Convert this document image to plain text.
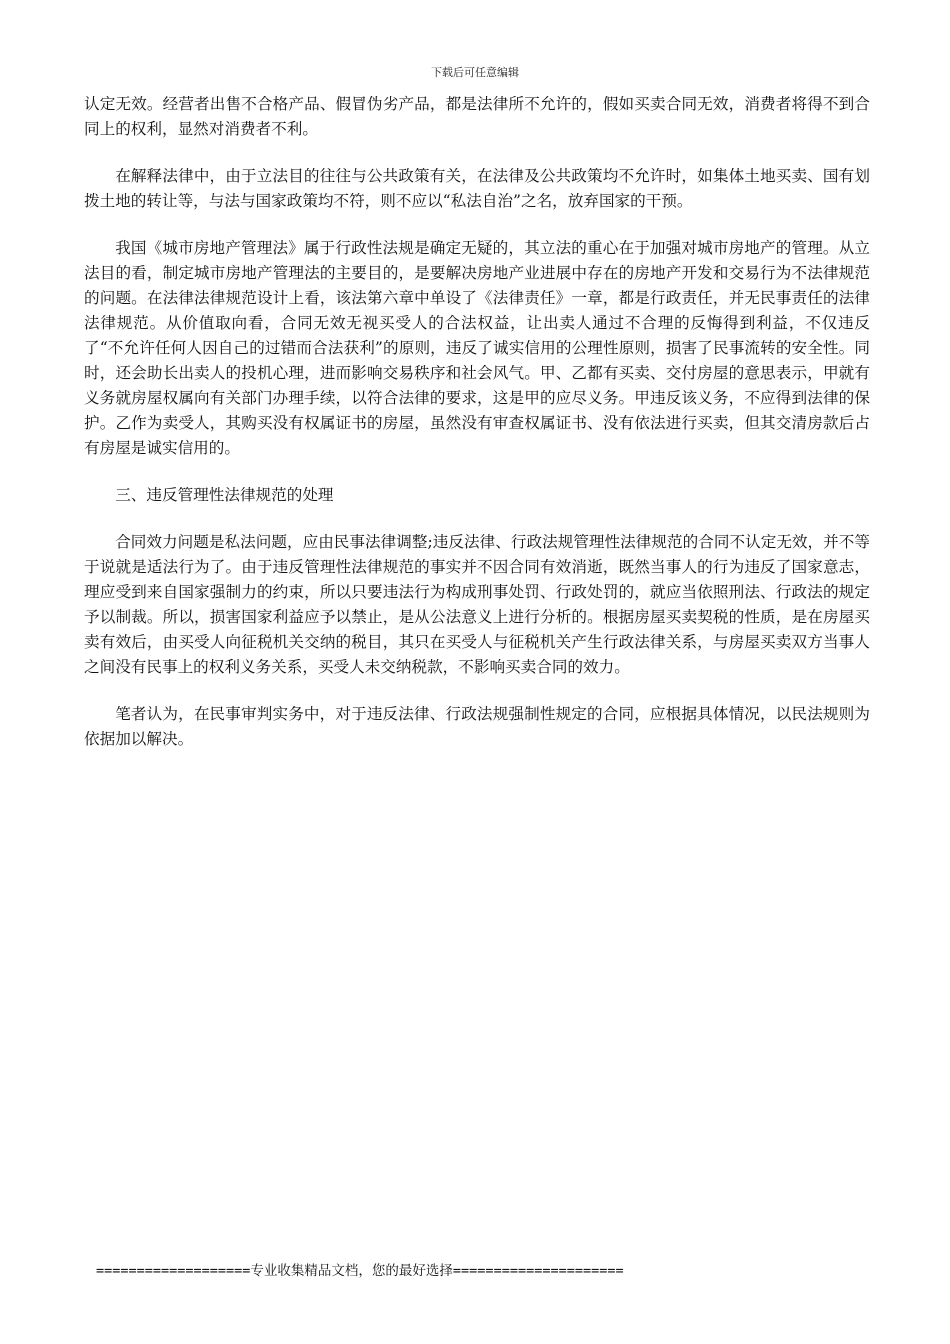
下载后可任意编辑

认定无效。经营者出售不合格产品、假冒伪劣产品，都是法律所不允许的，假如买卖合同无效，消费者将得不到合同上的权利，显然对消费者不利。

在解释法律中，由于立法目的往往与公共政策有关，在法律及公共政策均不允许时，如集体土地买卖、国有划拨土地的转让等，与法与国家政策均不符，则不应以“私法自治”之名，放弃国家的干预。

我国《城市房地产管理法》属于行政性法规是确定无疑的，其立法的重心在于加强对城市房地产的管理。从立法目的看，制定城市房地产管理法的主要目的，是要解决房地产业进展中存在的房地产开发和交易行为不法律规范的问题。在法律法律规范设计上看，该法第六章中单设了《法律责任》一章，都是行政责任，并无民事责任的法律法律规范。从价值取向看，合同无效无视买受人的合法权益，让出卖人通过不合理的反悔得到利益，不仅违反了“不允许任何人因自己的过错而合法获利”的原则，违反了诚实信用的公理性原则，损害了民事流转的安全性。同时，还会助长出卖人的投机心理，进而影响交易秩序和社会风气。甲、乙都有买卖、交付房屋的意思表示，甲就有义务就房屋权属向有关部门办理手续，以符合法律的要求，这是甲的应尽义务。甲违反该义务，不应得到法律的保护。乙作为卖受人，其购买没有权属证书的房屋，虽然没有审查权属证书、没有依法进行买卖，但其交清房款后占有房屋是诚实信用的。

三、违反管理性法律规范的处理

合同效力问题是私法问题，应由民事法律调整;违反法律、行政法规管理性法律规范的合同不认定无效，并不等于说就是适法行为了。由于违反管理性法律规范的事实并不因合同有效消逝，既然当事人的行为违反了国家意志，理应受到来自国家强制力的约束，所以只要违法行为构成刑事处罚、行政处罚的，就应当依照刑法、行政法的规定予以制裁。所以，损害国家利益应予以禁止，是从公法意义上进行分析的。根据房屋买卖契税的性质，是在房屋买卖有效后，由买受人向征税机关交纳的税目，其只在买受人与征税机关产生行政法律关系，与房屋买卖双方当事人之间没有民事上的权利义务关系，买受人未交纳税款，不影响买卖合同的效力。

笔者认为，在民事审判实务中，对于违反法律、行政法规强制性规定的合同，应根据具体情况，以民法规则为依据加以解决。

===================专业收集精品文档，您的最好选择=====================
